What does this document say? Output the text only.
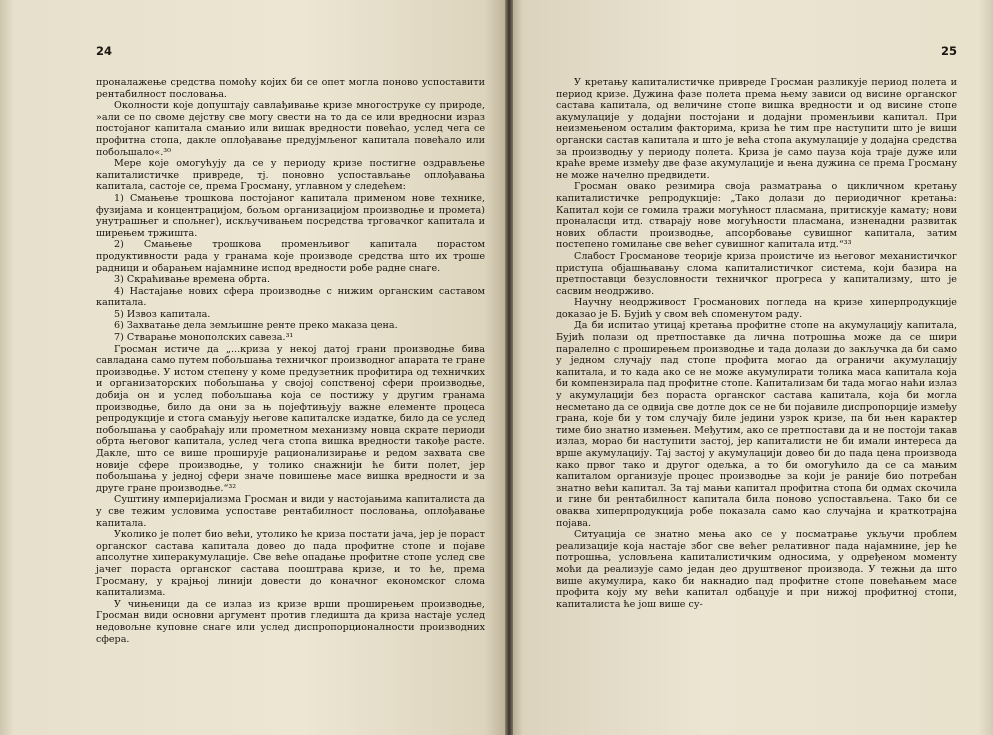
24

проналажење средства помоћу којих би се опет могла поново успоставити рентабилност пословања.

Околности које допуштају савлађивање кризе многоструке су природе, »али се по своме дејству све могу свести на то да се или вредносни израз постојаног капитала смањио или вишак вредности повећао, услед чега се профитна стопа, дакле оплођавање предујмљеног капитала повећало или побољшало«.³⁰

Мере које омогућују да се у периоду кризе постигне оздрављење капиталистичке привреде, тј. поновно успостављање оплођавања капитала, састоје се, према Гросману, углавном у следећем:

1) Смањење трошкова постојаног капитала применом нове технике, фузијама и концентрацијом, бољом организацијом производње и промета) унутрашњег и спољнег), искључивањем посредства трговачког капитала и ширењем тржишта.

2) Смањење трошкова променљивог капитала порастом продуктивности рада у гранама које производе средства што их троше радници и обарањем најамнине испод вредности робе радне снаге.

3) Скраћивање времена обрта.

4) Настајање нових сфера производње с нижим органским саставом капитала.

5) Извоз капитала.

6) Захватање дела земљишне ренте преко маказа цена.

7) Стварање монополских савеза.³¹

Гросман истиче да „...криза у некој датој грани производње бива савладана само путем побољшања техничког производног апарата те гране производње. У истом степену у коме предузетник профитира од техничких и организаторских побољшања у својој сопственој сфери производње, добија он и услед побољшања која се постижу у другим гранама производње, било да они за њ појефтињују важне елементе процеса репродукције и стога смањују његове капиталске издатке, било да се услед побољшања у саобраћају или прометном механизму новца скрате периоди обрта његовог капитала, услед чега стопа вишка вредности такође расте. Дакле, што се више проширује рационализирање и редом захвата све новије сфере производње, у толико снажнији ће бити полет, јер побољшања у једној сфери значе повишење масе вишка вредности и за друге гране производње.“³²

Суштину империјализма Гросман и види у настојањима капиталиста да у све тежим условима успоставе рентабилност пословања, оплођавање капитала.

Уколико је полет био већи, утолико ће криза постати јача, јер је пораст органског састава капитала довео до пада профитне стопе и појаве апсолутне хиперакумулације. Све веће опадање профитне стопе услед све јачег пораста органског састава пооштрава кризе, и то ће, према Гросману, у крајњој линији довести до коначног економског слома капитализма.

У чињеници да се излаз из кризе врши проширењем производње, Гросман види основни аргумент против гледишта да криза настаје услед недовољне куповне снаге или услед диспропорционалности производних сфера.

25

У кретању капиталистичке привреде Гросман разликује период полета и период кризе. Дужина фазе полета према њему зависи од висине органског састава капитала, од величине стопе вишка вредности и од висине стопе акумулације у додајни постојани и додајни променљиви капитал. При неизмењеном осталим факторима, криза ће тим пре наступити што је виши органски састав капитала и што је већа стопа акумулације у додајна средства за производњу у периоду полета. Криза је само пауза која траје дуже или краће време између две фазе акумулације и њена дужина се према Гросману не може начелно предвидети.

Гросман овако резимира своја разматрања о цикличном кретању капиталистичке репродукције: „Тако долази до периодичног кретања: Капитал који се гомила тражи могућност пласмана, притискује камату; нови проналасци итд. стварају нове могућности пласмана, изненадни развитак нових области производње, апсорбовање сувишног капитала, затим постепено гомилање све већег сувишног капитала итд.“³³

Слабост Гросманове теорије криза проистиче из његовог механистичког приступа објашњавању слома капиталистичког система, који базира на претпоставци безусловности техничког прогреса у капитализму, што је сасвим неодрживо.

Научну неодрживост Гросманових погледа на кризе хиперпродукције доказао је Б. Бујић у свом већ споменутом раду.

Да би испитао утицај кретања профитне стопе на акумулацију капитала, Бујић полази од претпоставке да лична потрошња може да се шири паралелно с проширењем производње и тада долази до закључка да би само у једном случају пад стопе профита могао да ограничи акумулацију капитала, и то када ако се не може акумулирати толика маса капитала која би компензирала пад профитне стопе. Капитализам би тада могао наћи излаз у акумулацији без пораста органског састава капитала, која би могла несметано да се одвија све дотле док се не би појавиле диспропорције између грана, које би у том случају биле једини узрок кризе, па би њен карактер тиме био знатно измењен. Међутим, ако се претпостави да и не постоји такав излаз, морао би наступити застој, јер капиталисти не би имали интереса да врше акумулацију. Тај застој у акумулацији довео би до пада цена производа како првог тако и другог одељка, а то би омогућило да се са мањим капиталом организује процес производње за који је раније био потребан знатно већи капитал. За тај мањи капитал профитна стопа би одмах скочила и гине би рентабилност капитала била поново успостављена. Тако би се оваква хиперпродукција робе показала само као случајна и краткотрајна појава.

Ситуација се знатно мења ако се у посматрање укључи проблем реализације која настаје због све већег релативног пада најамнине, јер ће потрошња, условљена капиталистичким односима, у одређеном моменту моћи да реализује само један део друштвеног производа. У тежњи да што више акумулира, како би накнадио пад профитне стопе повећањем масе профита коју му већи капитал одбацује и при нижој профитној стопи, капиталиста ће још више су-
